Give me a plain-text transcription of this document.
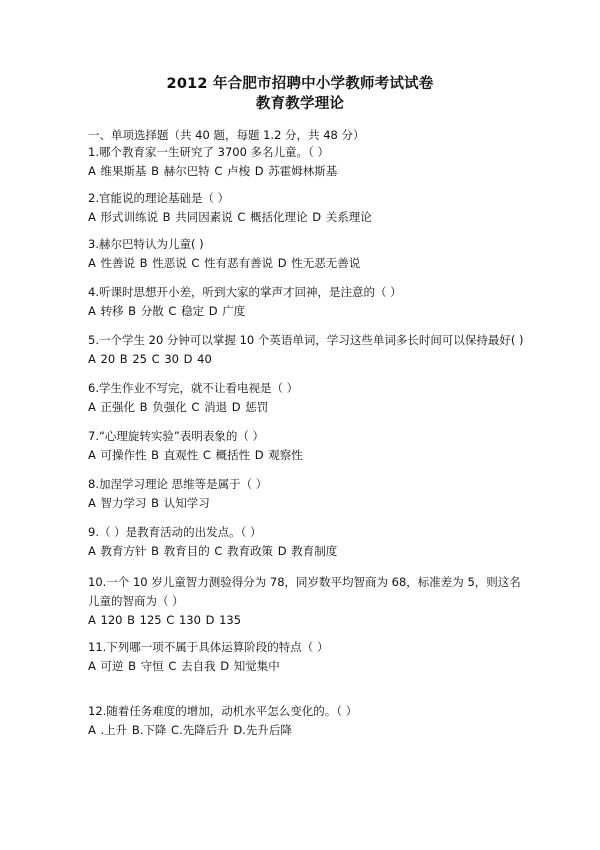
2012 年合肥市招聘中小学教师考试试卷
教育教学理论
一、单项选择题（共 40 题，每题 1.2 分，共 48 分）
1.哪个教育家一生研究了 3700 多名儿童。（ ）
A 维果斯基 B 赫尔巴特 C 卢梭 D 苏霍姆林斯基
2.官能说的理论基础是（ ）
A 形式训练说 B 共同因素说 C 概括化理论 D 关系理论
3.赫尔巴特认为儿童( )
A 性善说 B 性恶说 C 性有恶有善说 D 性无恶无善说
4.听课时思想开小差，听到大家的掌声才回神，是注意的（ ）
A 转移 B 分散 C 稳定 D 广度
5.一个学生 20 分钟可以掌握 10 个英语单词，学习这些单词多长时间可以保持最好( )
A 20 B 25 C 30 D 40
6.学生作业不写完，就不让看电视是（ ）
A 正强化 B 负强化 C 消退 D 惩罚
7.“心理旋转实验”表明表象的（ ）
A 可操作性 B 直观性 C 概括性 D 观察性
8.加涅学习理论 思维等是属于（ ）
A 智力学习 B 认知学习
9.（ ）是教育活动的出发点。（ ）
A 教育方针 B 教育目的 C 教育政策 D 教育制度
10.一个 10 岁儿童智力测验得分为 78，同岁数平均智商为 68，标准差为 5，则这名
儿童的智商为（ ）
A 120 B 125 C 130 D 135
11.下列哪一项不属于具体运算阶段的特点（ ）
A 可逆 B 守恒 C 去自我 D 知觉集中
12.随着任务难度的增加，动机水平怎么变化的。（ ）
A .上升 B.下降 C.先降后升 D.先升后降
